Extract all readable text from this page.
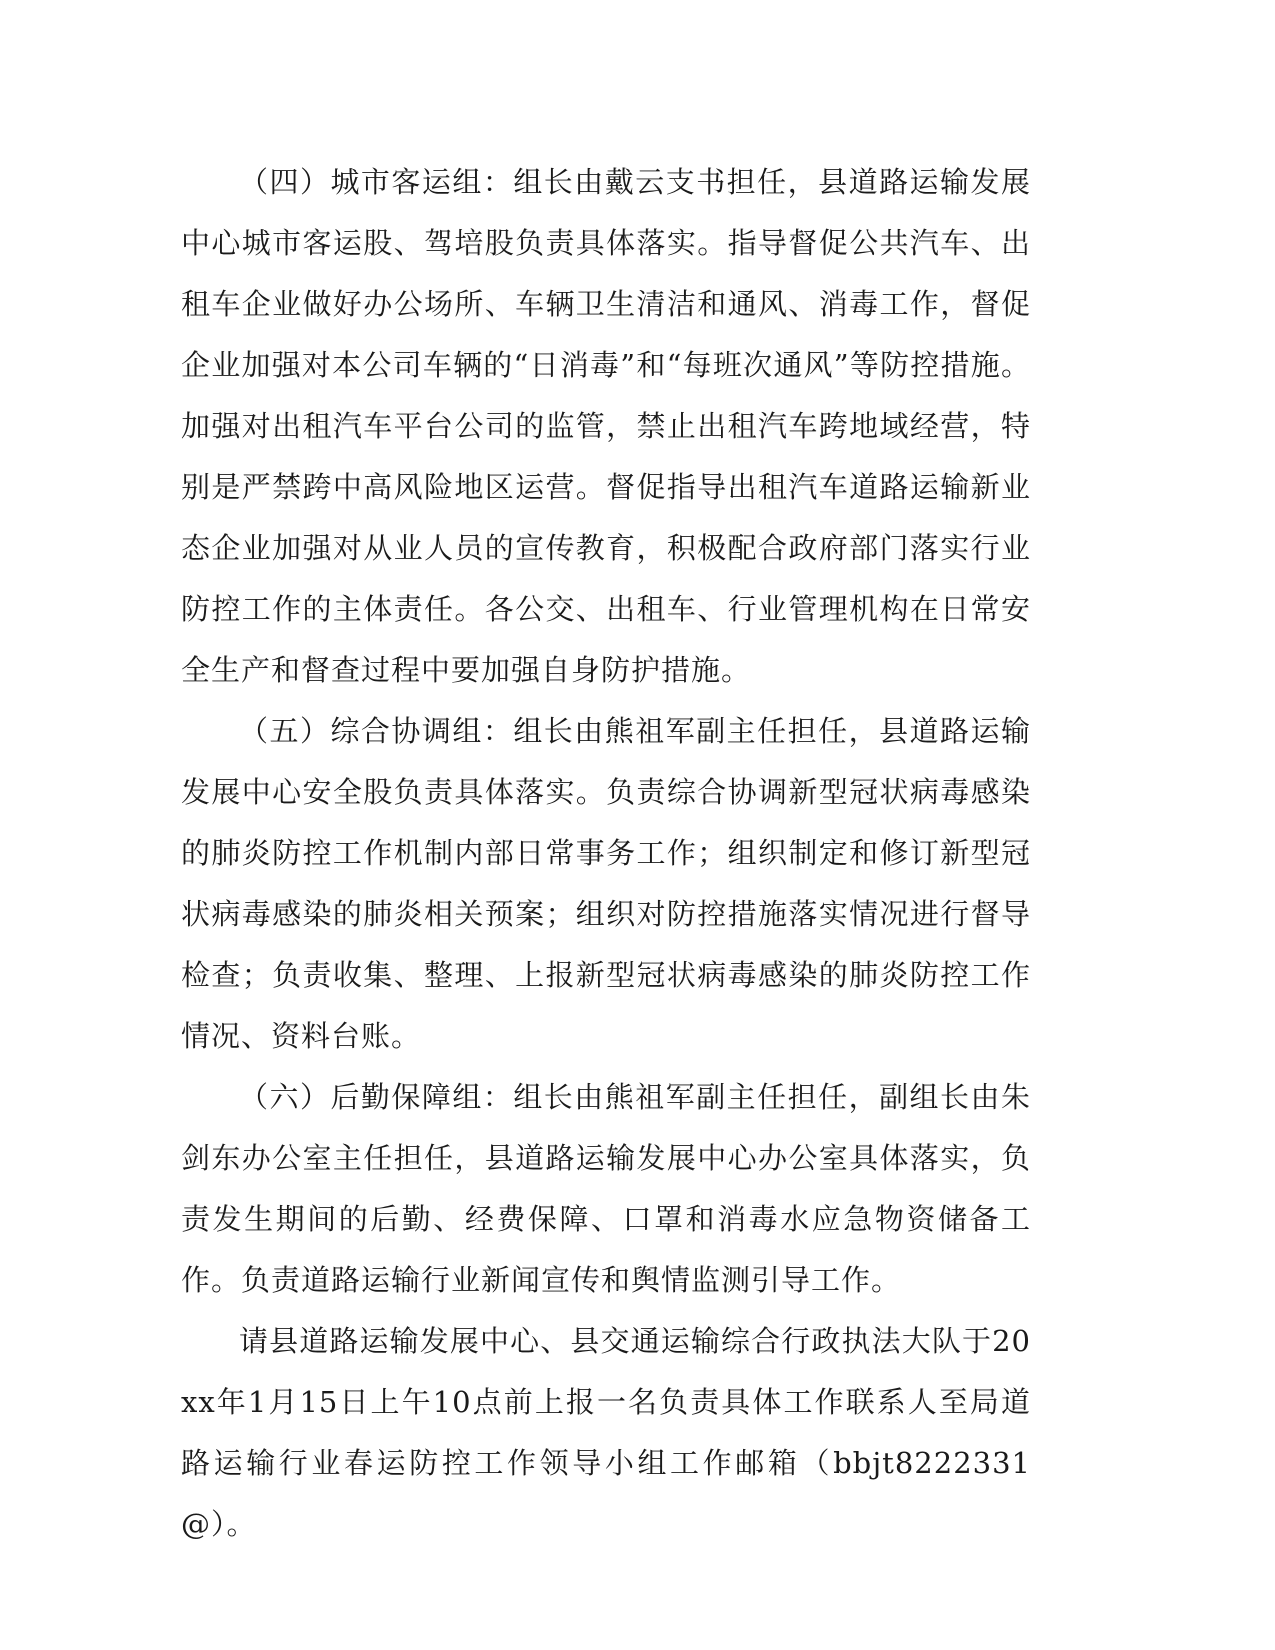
（四）城市客运组：组长由戴云支书担任，县道路运输发展中心城市客运股、驾培股负责具体落实。指导督促公共汽车、出租车企业做好办公场所、车辆卫生清洁和通风、消毒工作，督促企业加强对本公司车辆的“日消毒”和“每班次通风”等防控措施。加强对出租汽车平台公司的监管，禁止出租汽车跨地域经营，特别是严禁跨中高风险地区运营。督促指导出租汽车道路运输新业态企业加强对从业人员的宣传教育，积极配合政府部门落实行业防控工作的主体责任。各公交、出租车、行业管理机构在日常安全生产和督查过程中要加强自身防护措施。

（五）综合协调组：组长由熊祖军副主任担任，县道路运输发展中心安全股负责具体落实。负责综合协调新型冠状病毒感染的肺炎防控工作机制内部日常事务工作；组织制定和修订新型冠状病毒感染的肺炎相关预案；组织对防控措施落实情况进行督导检查；负责收集、整理、上报新型冠状病毒感染的肺炎防控工作情况、资料台账。

（六）后勤保障组：组长由熊祖军副主任担任，副组长由朱剑东办公室主任担任，县道路运输发展中心办公室具体落实，负责发生期间的后勤、经费保障、口罩和消毒水应急物资储备工作。负责道路运输行业新闻宣传和舆情监测引导工作。

请县道路运输发展中心、县交通运输综合行政执法大队于20xx年1月15日上午10点前上报一名负责具体工作联系人至局道路运输行业春运防控工作领导小组工作邮箱（bbjt8222331@）。
